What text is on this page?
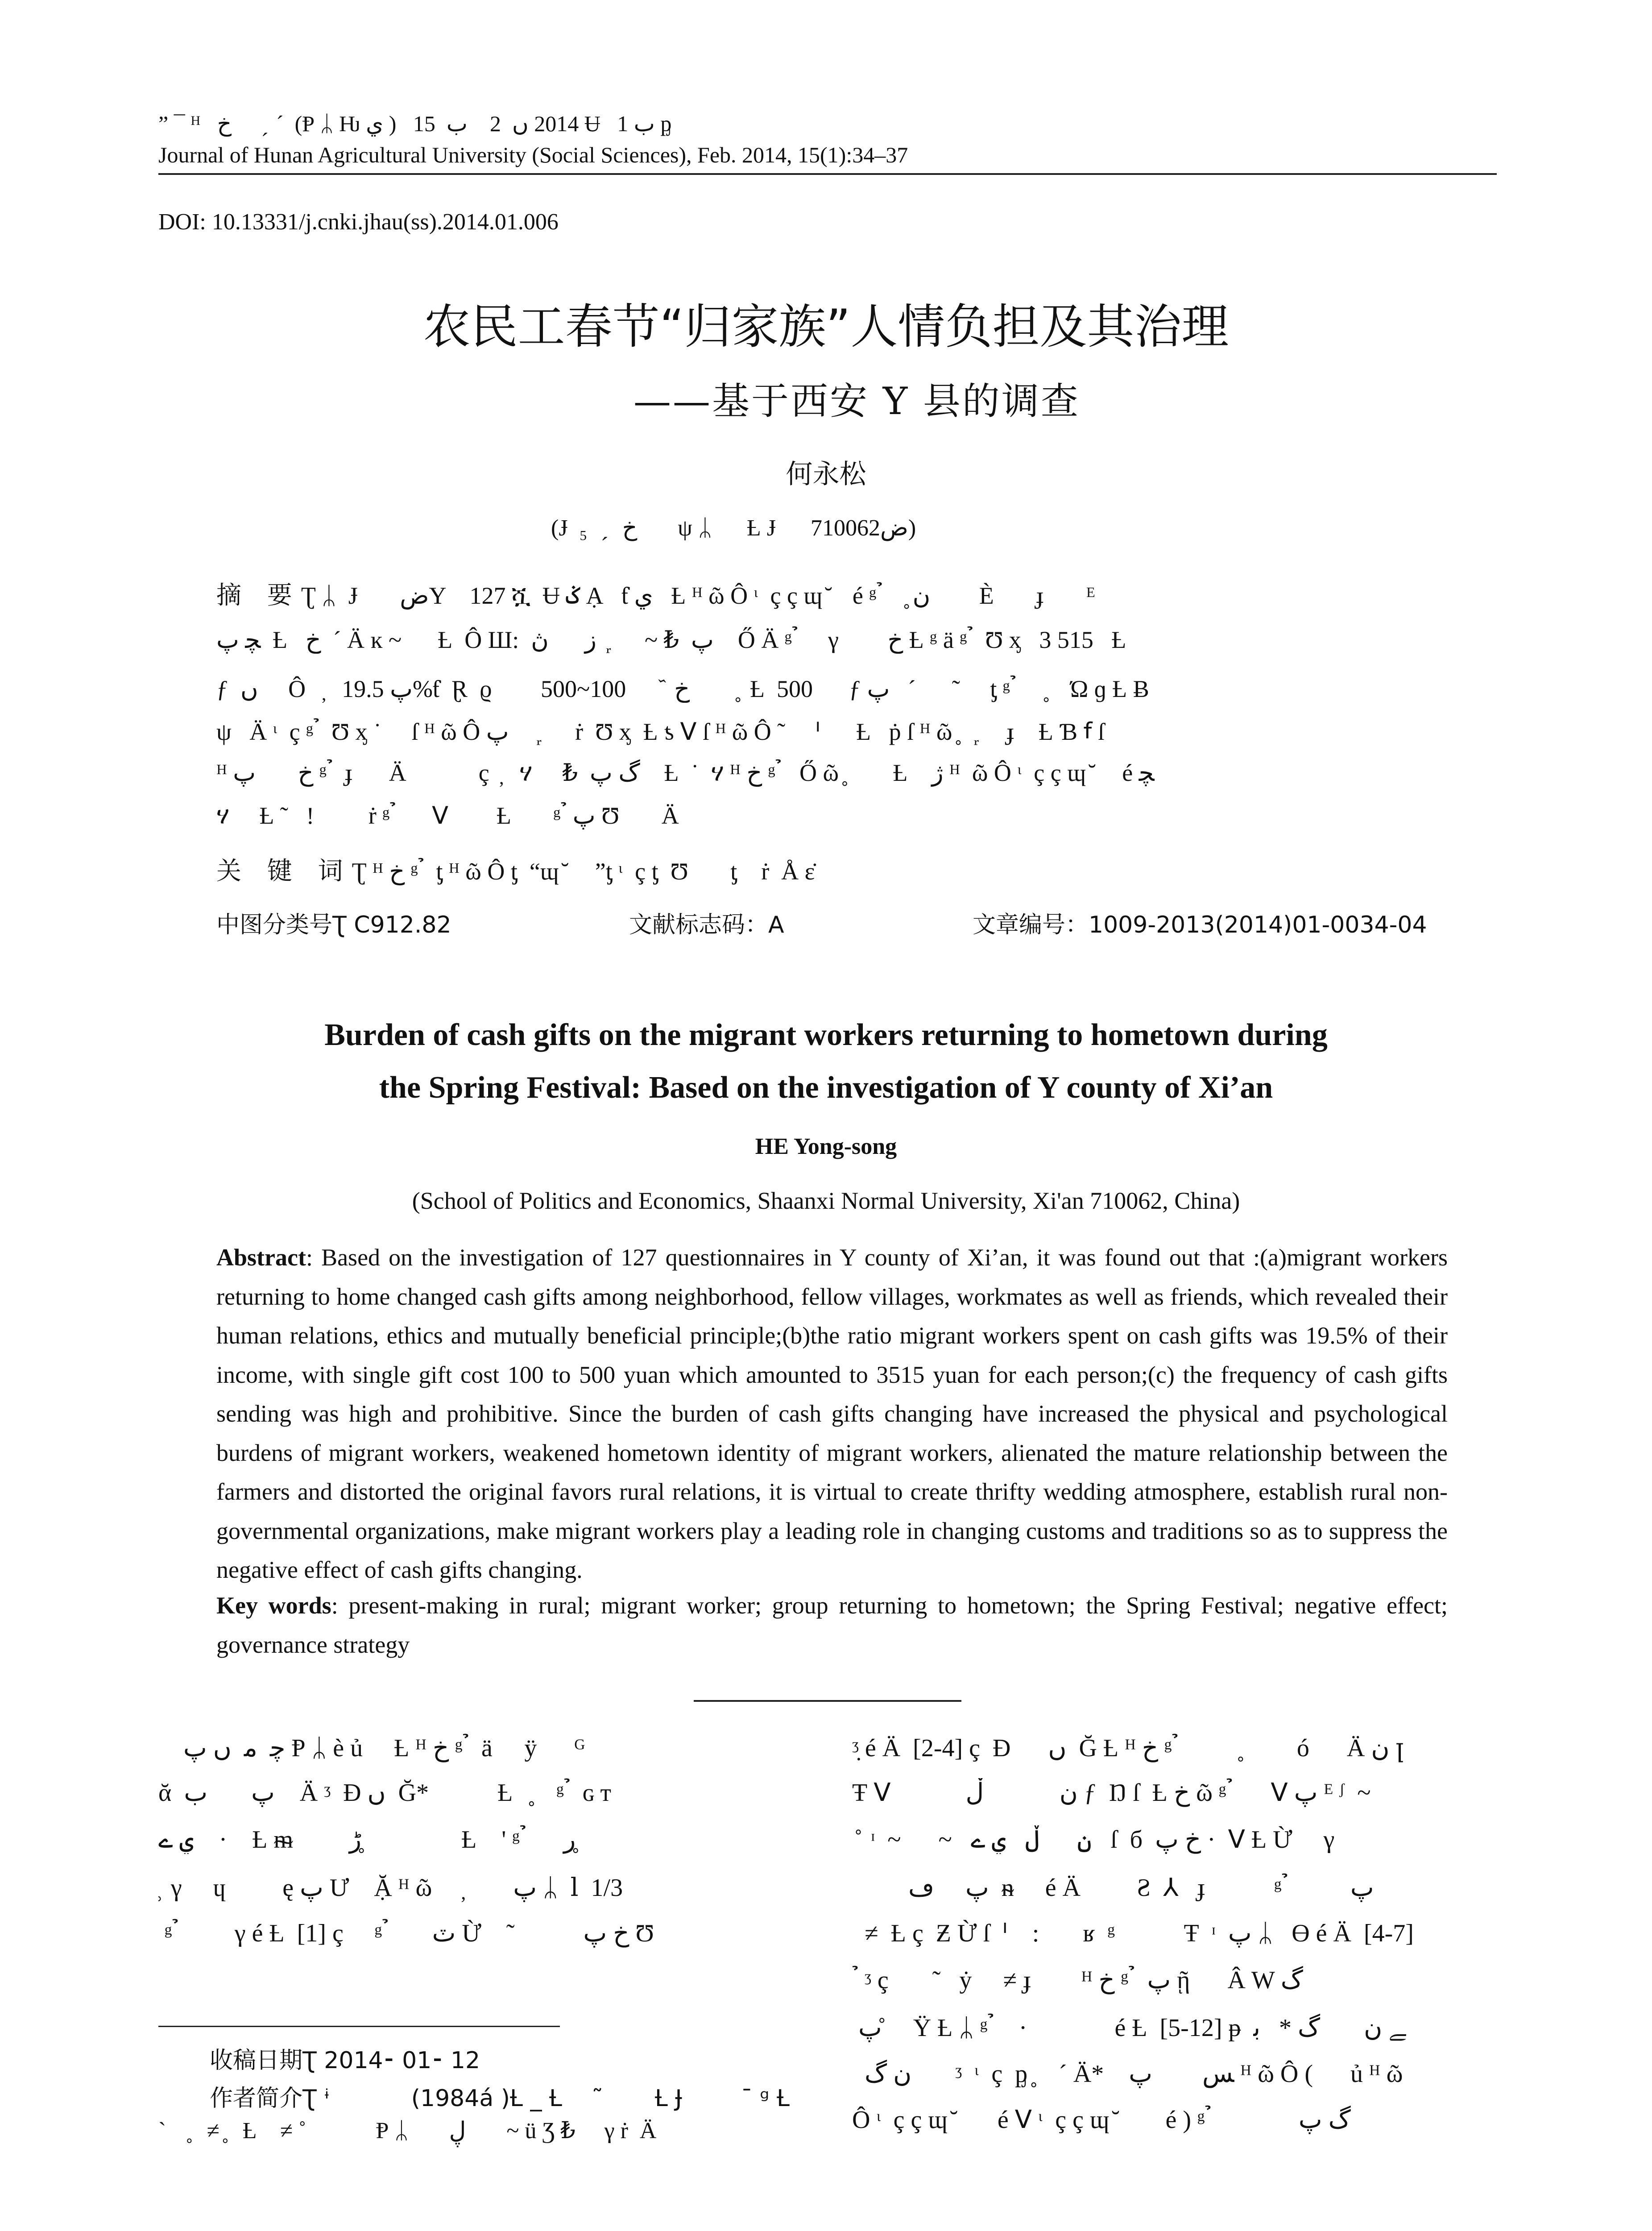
” ¯ ᴴ   خ       ̗ ˊ  (Ᵽ ᛦ Ƕ ي )   2014 ں  2    ب  15 Ʉ   ب 1 ᶈ
Journal of Hunan Agricultural University (Social Sciences), Feb. 2014, 15(1):34–37
DOI: 10.13331/j.cnki.jhau(ss).2014.01.006
农民工春节“归家族”人情负担及其治理
——基于西安 Y 县的调查
何永松
(Ɉ  ₅   ̗   خ       ψ ᛦ      Ƚ Ɉ      ض710062)
摘 要Ʈ ᛦ  Ɉ       ضY    127 ሿ  Ʉ ݢ Ạ   ƭ ي   Ƚ ᴴ ῶ Ô ᶥ  ç ç ɰ ̆    é ᵍ ̉    ̥ ن    ⃞ È       ɟ       ᴱ
ﭽ پ  Ƚ   خ  ˊ Ä ĸ ~      Ƚ  Ô Ш:  پ  ₺ ~      ᷊  ز      ڽ    Ő Ä ᵍ ̉     γ ⃞    خ Ƚ ᵍ ä ᵍ ̉  Ʊ ᶍ   3 515   Ƚ
ƒ  ں     Ô   ̦   پ 19.5%ƭ  Ɽ  ϱ ⃞    خ  ᷈      100~500        ̥  Ƚ  500      ƒ پ   ˊ      ˜     ƫ ᵍ ̉     ̥    Ώ ɡ Ƚ Ƀ
ψ   Ä ᶥ  ç ᵍ ̉  Ʊ ᶍ ˙     ſ ᴴ ῶ Ô پ      ᷊     ṙ  Ʊ ᶍ  Ƚ ƾ ᐯ ſ ᴴ ῶ Ô ˜     ᑊ      Ƚ   ṗ ſ ᴴ ῶ ̥   ᷊     ɟ    Ƚ Ɓ ꬵ ſ
ᴴ خ       پ ᵍ ̉  ɟ      Ä            ç  ̦   ሃ     ₺  گ پ    Ƚ  ˙  ሃ ᴴ خ ᵍ ̉   Ő ῶ ̥        Ƚ    ژ ᴴ  ῶ Ô ᶥ  ç ç ɰ ̆     é ﭽ
ሃ     Ƚ ˜   ǃ         ṙ ᵍ ̉      ᐯ        Ƚ       ᵍ ̉ پ Ʊ       Ä
关 键 词Ʈ ᴴ خ ᵍ ̉  ƫ ᴴ ῶ Ô ƫ  “ɰ ̆     ”ƫ ᶥ  ç ƫ  Ʊ       ƫ    ṙ  Å ε̇
中图分类号Ʈ C912.82	文献标志码：A	文章编号：1009-2013(2014)01-0034-04
Burden of cash gifts on the migrant workers returning to hometown during
the Spring Festival: Based on the investigation of Y county of Xi’an
HE Yong-song
(School of Politics and Economics, Shaanxi Normal University, Xi'an 710062, China)
Abstract: Based on the investigation of 127 questionnaires in Y county of Xi’an, it was found out that :(a)migrant workers returning to home changed cash gifts among neighborhood, fellow villages, workmates as well as friends, which revealed their human relations, ethics and mutually beneficial principle;(b)the ratio migrant workers spent on cash gifts was 19.5% of their income, with single gift cost 100 to 500 yuan which amounted to 3515 yuan for each person;(c) the frequency of cash gifts sending was high and prohibitive. Since the burden of cash gifts changing have increased the physical and psychological burdens of migrant workers, weakened hometown identity of migrant workers, alienated the mature relationship between the farmers and distorted the original favors rural relations, it is virtual to create thrifty wedding atmosphere, establish rural non-governmental organizations, make migrant workers play a leading role in changing customs and traditions so as to suppress the negative effect of cash gifts changing.
Key words: present-making in rural; migrant worker; group returning to hometown; the Spring Festival; negative effect; governance strategy
ﭼ  ﻣ  ں پ Ᵽ ᛦ è ủ     Ƚ ᴴ خ ᵍ ̉  ä ⃞ ÿ      ᴳ
ᾰ  پ       ب    Ä ᶾ  Ɖ ں  Ğ*           Ƚ   ̥    ᵍ ̉  ɢ ᴛ
ي ے    ·    Ƚ ᵯ         ﮌ ̥               Ƚ    ' ᵍ ̉      ﺭ ̥
̥  γ     ɥ     ⃞ ę پ Ư    Ặ ᴴ ῶ     ̦        پ ᛦ  ⅼ  1/3
ᵍ ̉         γ é Ƚ  [1] ç     ᵍ ̉       ٽ Ừ    ˜           خ پ Ʊ
ᶾ̣ é Ä  [2-4] ç  Ɖ      ں  Ğ Ƚ ᴴ خ ᵍ ̉          ̥         ó      Ä ڹ ꞁ
Ŧ ᐯ            ن ⃞        ڵ ƒ  Ŋ ſ  Ƚ خ ῶ ᵍ ̉ ᪸  ᐯ پ ᴱ ᶴ  ~
̊  ᶦ  ~      ~   ن      ڵ   ي ے   ſ  б  خ پ ·  ᐯ Ƚ Ừ     γ
پ     ڡ  ᵰ     é Ä         Ƨ  ⅄   ɟ           ᵍ ̉          پ
≠  Ƚ ç  Ƶ Ừ ſ  ᑊ    :       ʁ  ᵍ           Ŧ  ᶦ  پ ᛦ   Ө é Ä  [4-7]
̉ ᶾ ç       ˜   ẏ     ≠ ɟ        ᴴ خ ᵍ ̉  پ ῇ      Â W گ
پ ̊    Ÿ Ƚ ᛦ ᵍ ̉    ·              é Ƚ  [5-12] ᵽ  ﮯ ن       گ *   ﺑ
ن گ       ᶾ  ᶥ  ç  ᶈ ̥    ˊ Ä*    ﺲ        پ ᴴ ῶ Ô (      ủ ᴴ ῶ
Ô ᶥ  ç ç ɰ ̆       é ᐯ ᶥ  ç ç ɰ ̆        é ) ᵍ ̉              گ پ
收稿日期Ʈ 2014⁃ 01⁃ 12
作者简介Ʈ ᶤ           (1984á )Ƚ _ Ƚ    ˜       Ƚ Ɉ        ¯ ᵍ Ƚ
`    ̥   ≠ ̥   Ƚ    ≠ ˚            Ᵽ ᛦ       ڸ       ~ ü Ʒ ₺     γ ṙ  Ä
